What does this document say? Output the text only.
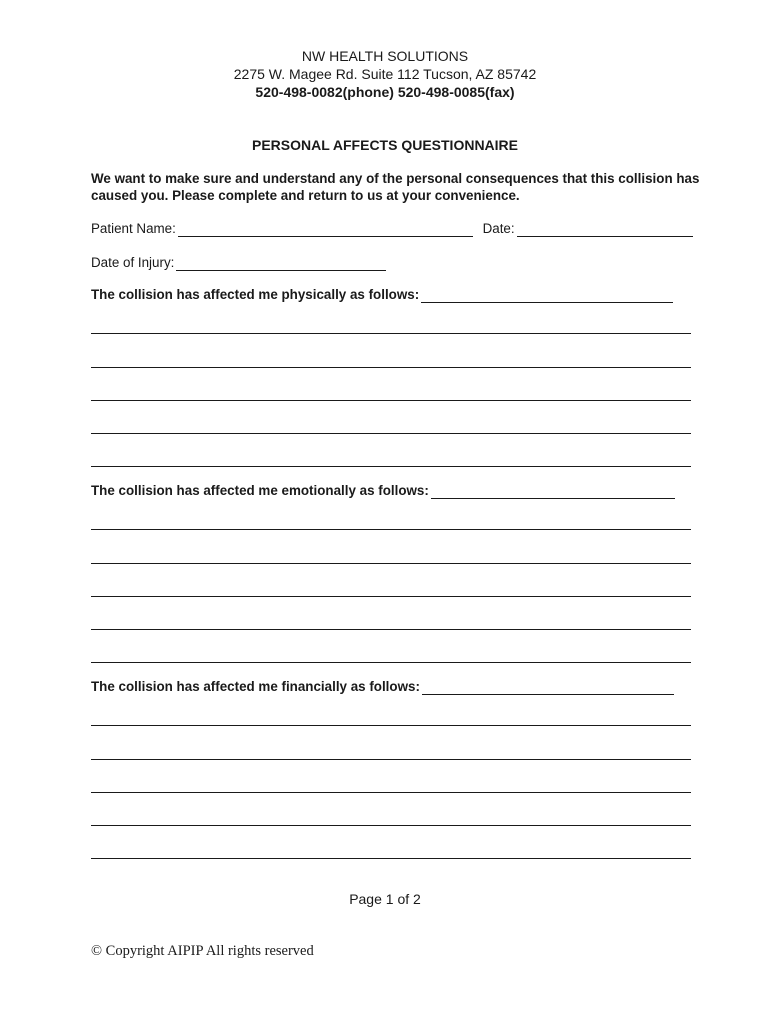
NW HEALTH SOLUTIONS
2275 W. Magee Rd. Suite 112 Tucson, AZ 85742
520-498-0082(phone) 520-498-0085(fax)
PERSONAL AFFECTS QUESTIONNAIRE
We want to make sure and understand any of the personal consequences that this collision has caused you. Please complete and return to us at your convenience.
Patient Name:
	Date:
Date of Injury:
The collision has affected me physically as follows:
The collision has affected me emotionally as follows:
The collision has affected me financially as follows:
Page 1 of 2
© Copyright AIPIP All rights reserved
